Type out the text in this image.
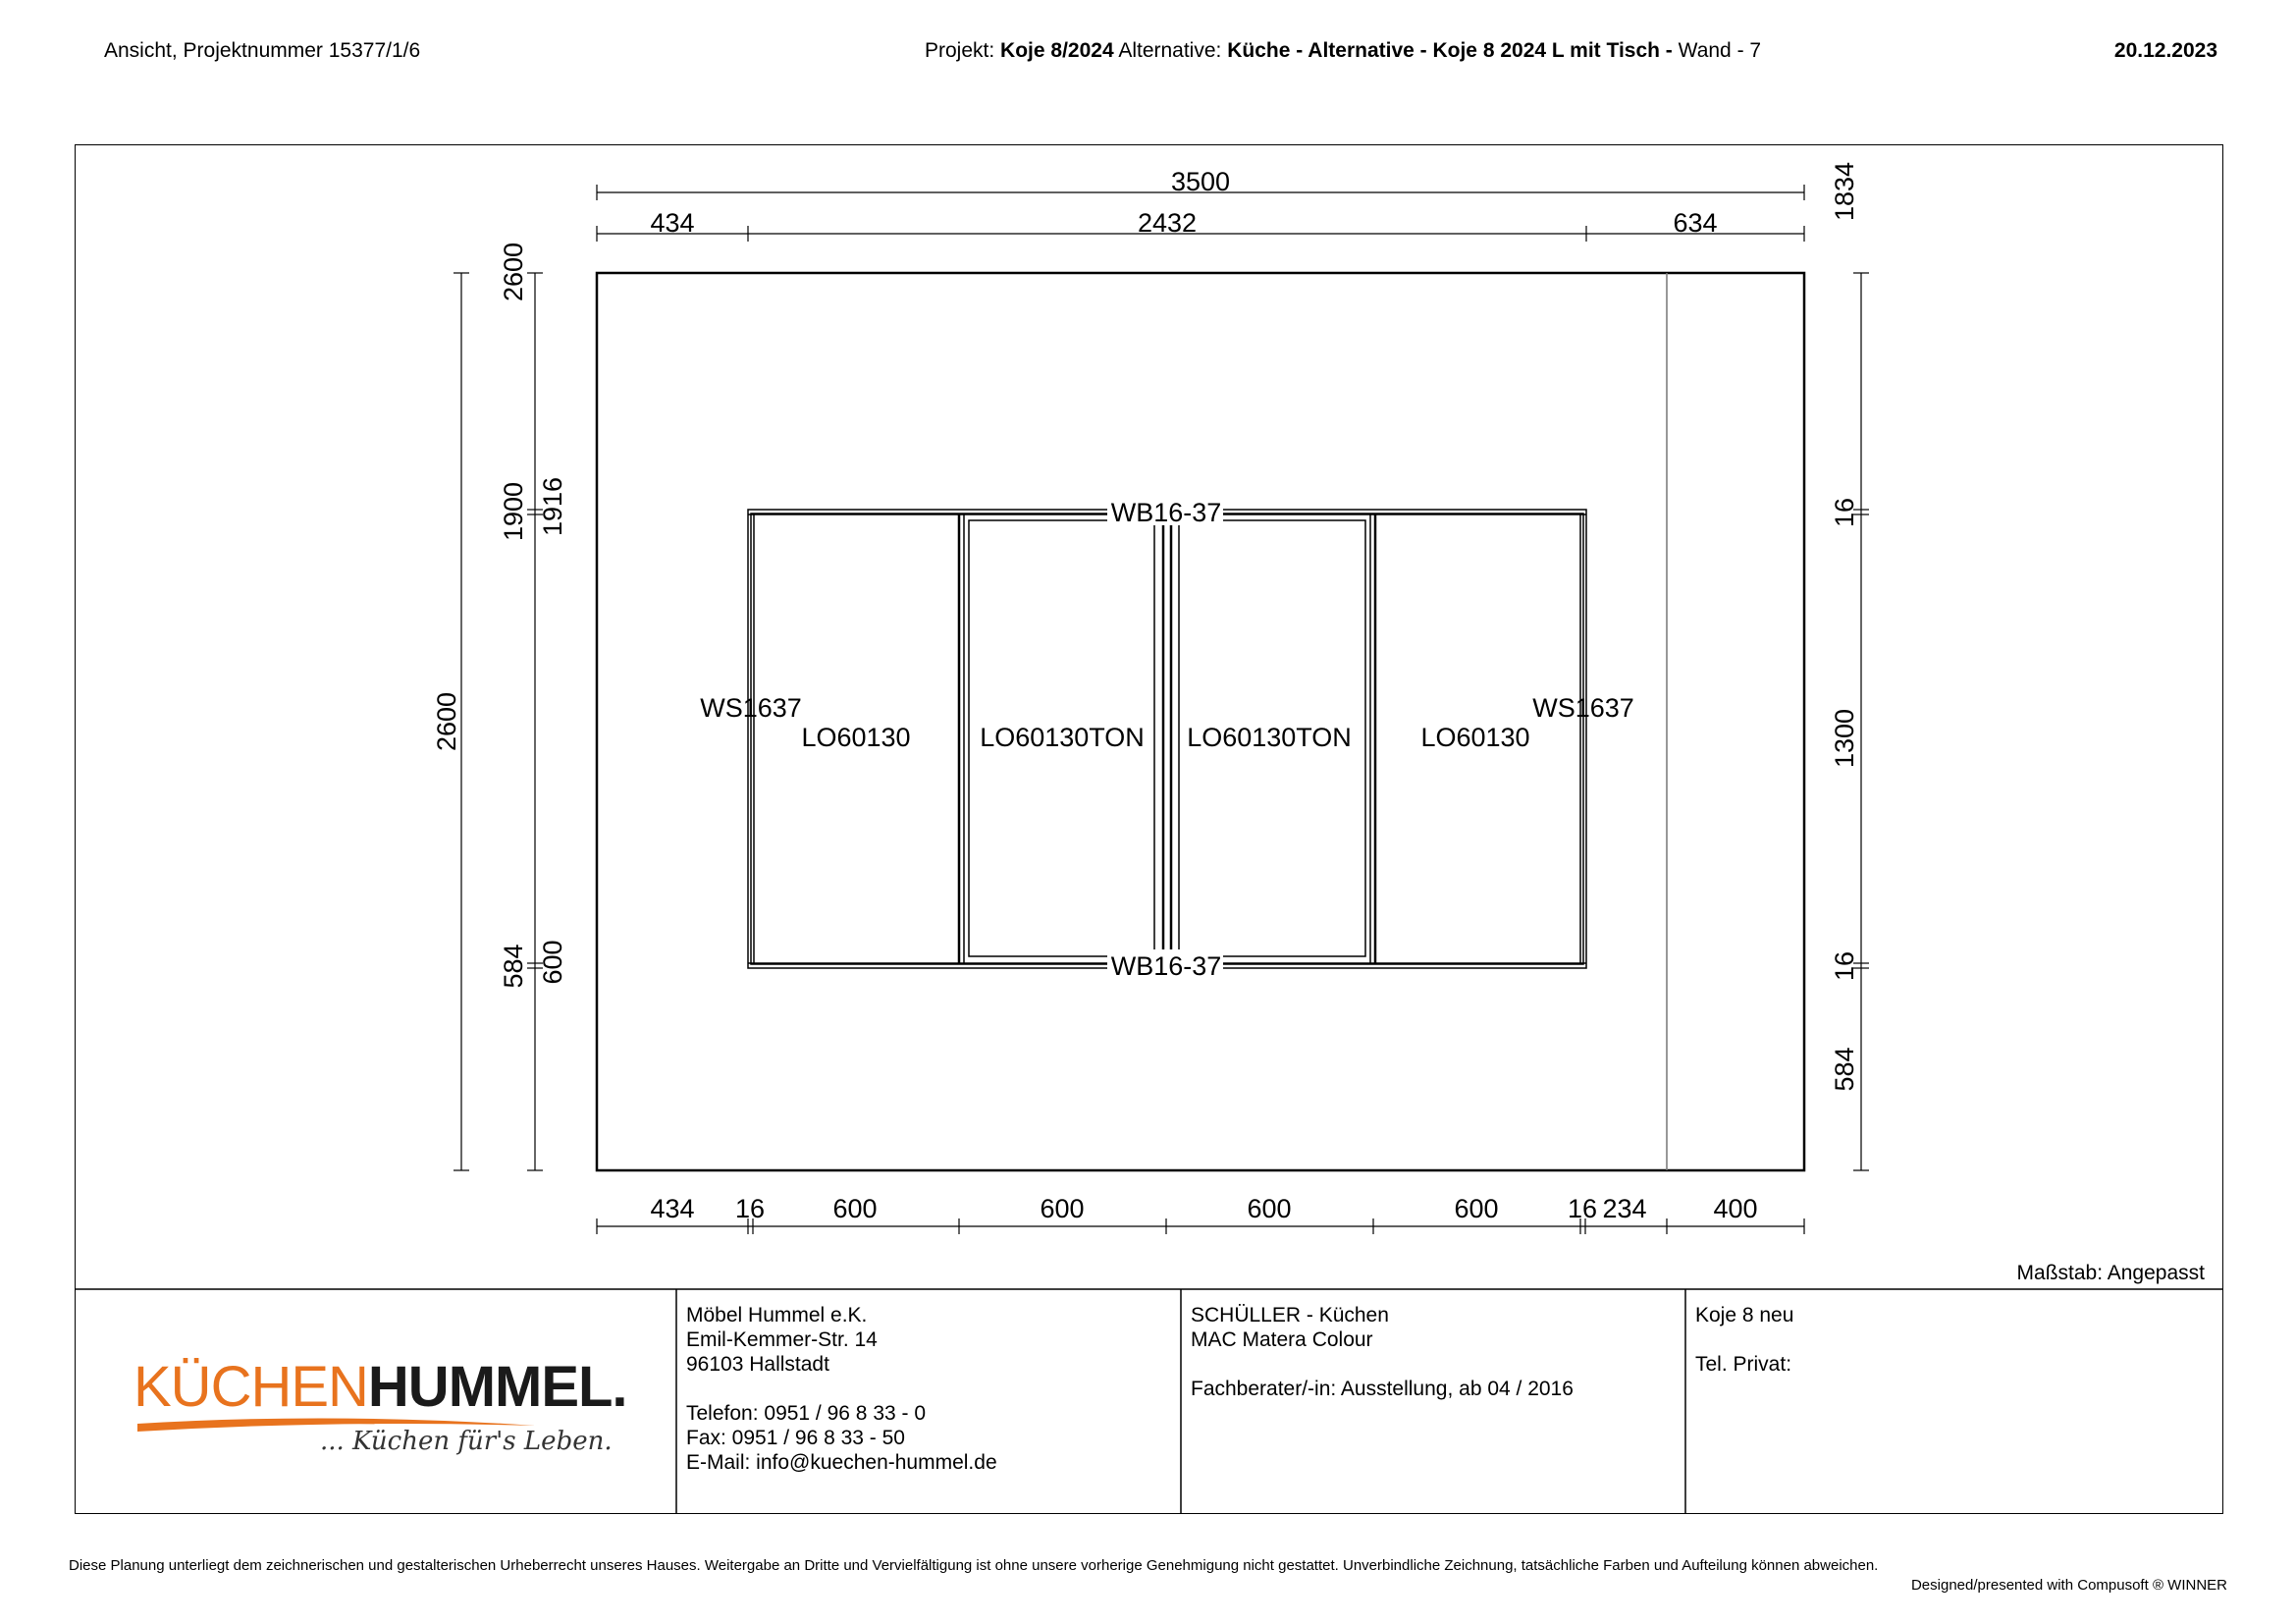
Ansicht, Projektnummer 15377/1/6	Projekt: Koje 8/2024 Alternative: Küche - Alternative - Koje 8 2024 L mit Tisch - Wand - 7	20.12.2023
3500
434	2432	634
1834
2600
2600
1900 1916
584 600
16
1300
16
584
434 16	600	600	600	600	16 234	400
WB16-37
WB16-37
WS1637	WS1637
LO60130	LO60130TON LO60130TON	LO60130
Maßstab: Angepasst
KÜCHENHUMMEL.
... Küchen für's Leben.
Möbel Hummel e.K.
Emil-Kemmer-Str. 14
96103 Hallstadt
Telefon: 0951 / 96 8 33 - 0
Fax: 0951 / 96 8 33 - 50
E-Mail: info@kuechen-hummel.de
SCHÜLLER - Küchen
MAC Matera Colour
Fachberater/-in: Ausstellung, ab 04 / 2016
Koje 8 neu
Tel. Privat:
Diese Planung unterliegt dem zeichnerischen und gestalterischen Urheberrecht unseres Hauses. Weitergabe an Dritte und Vervielfältigung ist ohne unsere vorherige Genehmigung nicht gestattet. Unverbindliche Zeichnung, tatsächliche Farben und Aufteilung können abweichen.
Designed/presented with Compusoft ® WINNER
